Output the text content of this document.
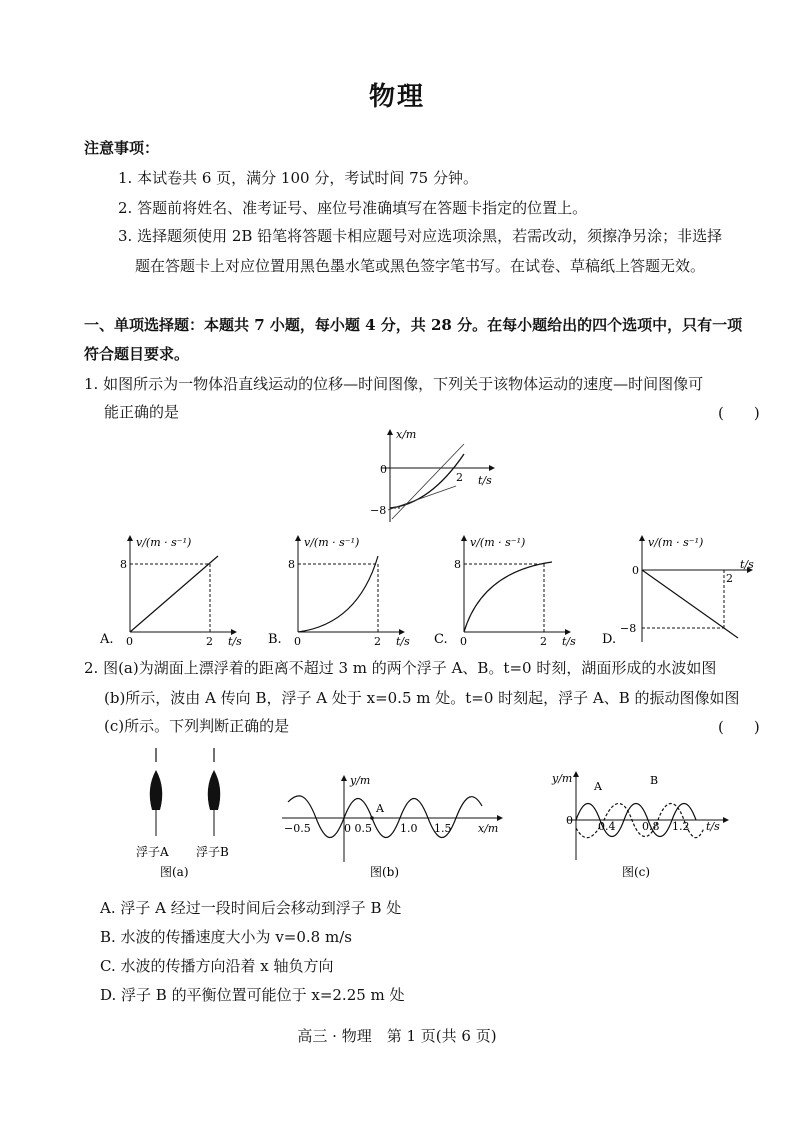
物理
注意事项：
1. 本试卷共 6 页，满分 100 分，考试时间 75 分钟。
2. 答题前将姓名、准考证号、座位号准确填写在答题卡指定的位置上。
3. 选择题须使用 2B 铅笔将答题卡相应题号对应选项涂黑，若需改动，须擦净另涂；非选择
题在答题卡上对应位置用黑色墨水笔或黑色签字笔书写。在试卷、草稿纸上答题无效。
一、单项选择题：本题共 7 小题，每小题 4 分，共 28 分。在每小题给出的四个选项中，只有一项
符合题目要求。
1. 如图所示为一物体沿直线运动的位移—时间图像，下列关于该物体运动的速度—时间图像可
能正确的是	(　　)
x/m
t/s
0
2
−8
A.
v/(m · s⁻¹)
8
0	2 t/s B.
v/(m · s⁻¹)
8
0	2 t/s C.
v/(m · s⁻¹)
8
0	2 t/s D.
v/(m · s⁻¹)
0
2
t/s
−8
2. 图(a)为湖面上漂浮着的距离不超过 3 m 的两个浮子 A、B。t=0 时刻，湖面形成的水波如图
(b)所示，波由 A 传向 B，浮子 A 处于 x=0.5 m 处。t=0 时刻起，浮子 A、B 的振动图像如图
(c)所示。下列判断正确的是	(　　)
浮子A 浮子B
图(a)
y/m
A
−0.5	0 0.5	1.0 1.5 x/m
图(b)
y/m
A	B
0 0.4 0.8 1.2 t/s
图(c)
A. 浮子 A 经过一段时间后会移动到浮子 B 处
B. 水波的传播速度大小为 v=0.8 m/s
C. 水波的传播方向沿着 x 轴负方向
D. 浮子 B 的平衡位置可能位于 x=2.25 m 处
高三 · 物理　第 1 页(共 6 页)
